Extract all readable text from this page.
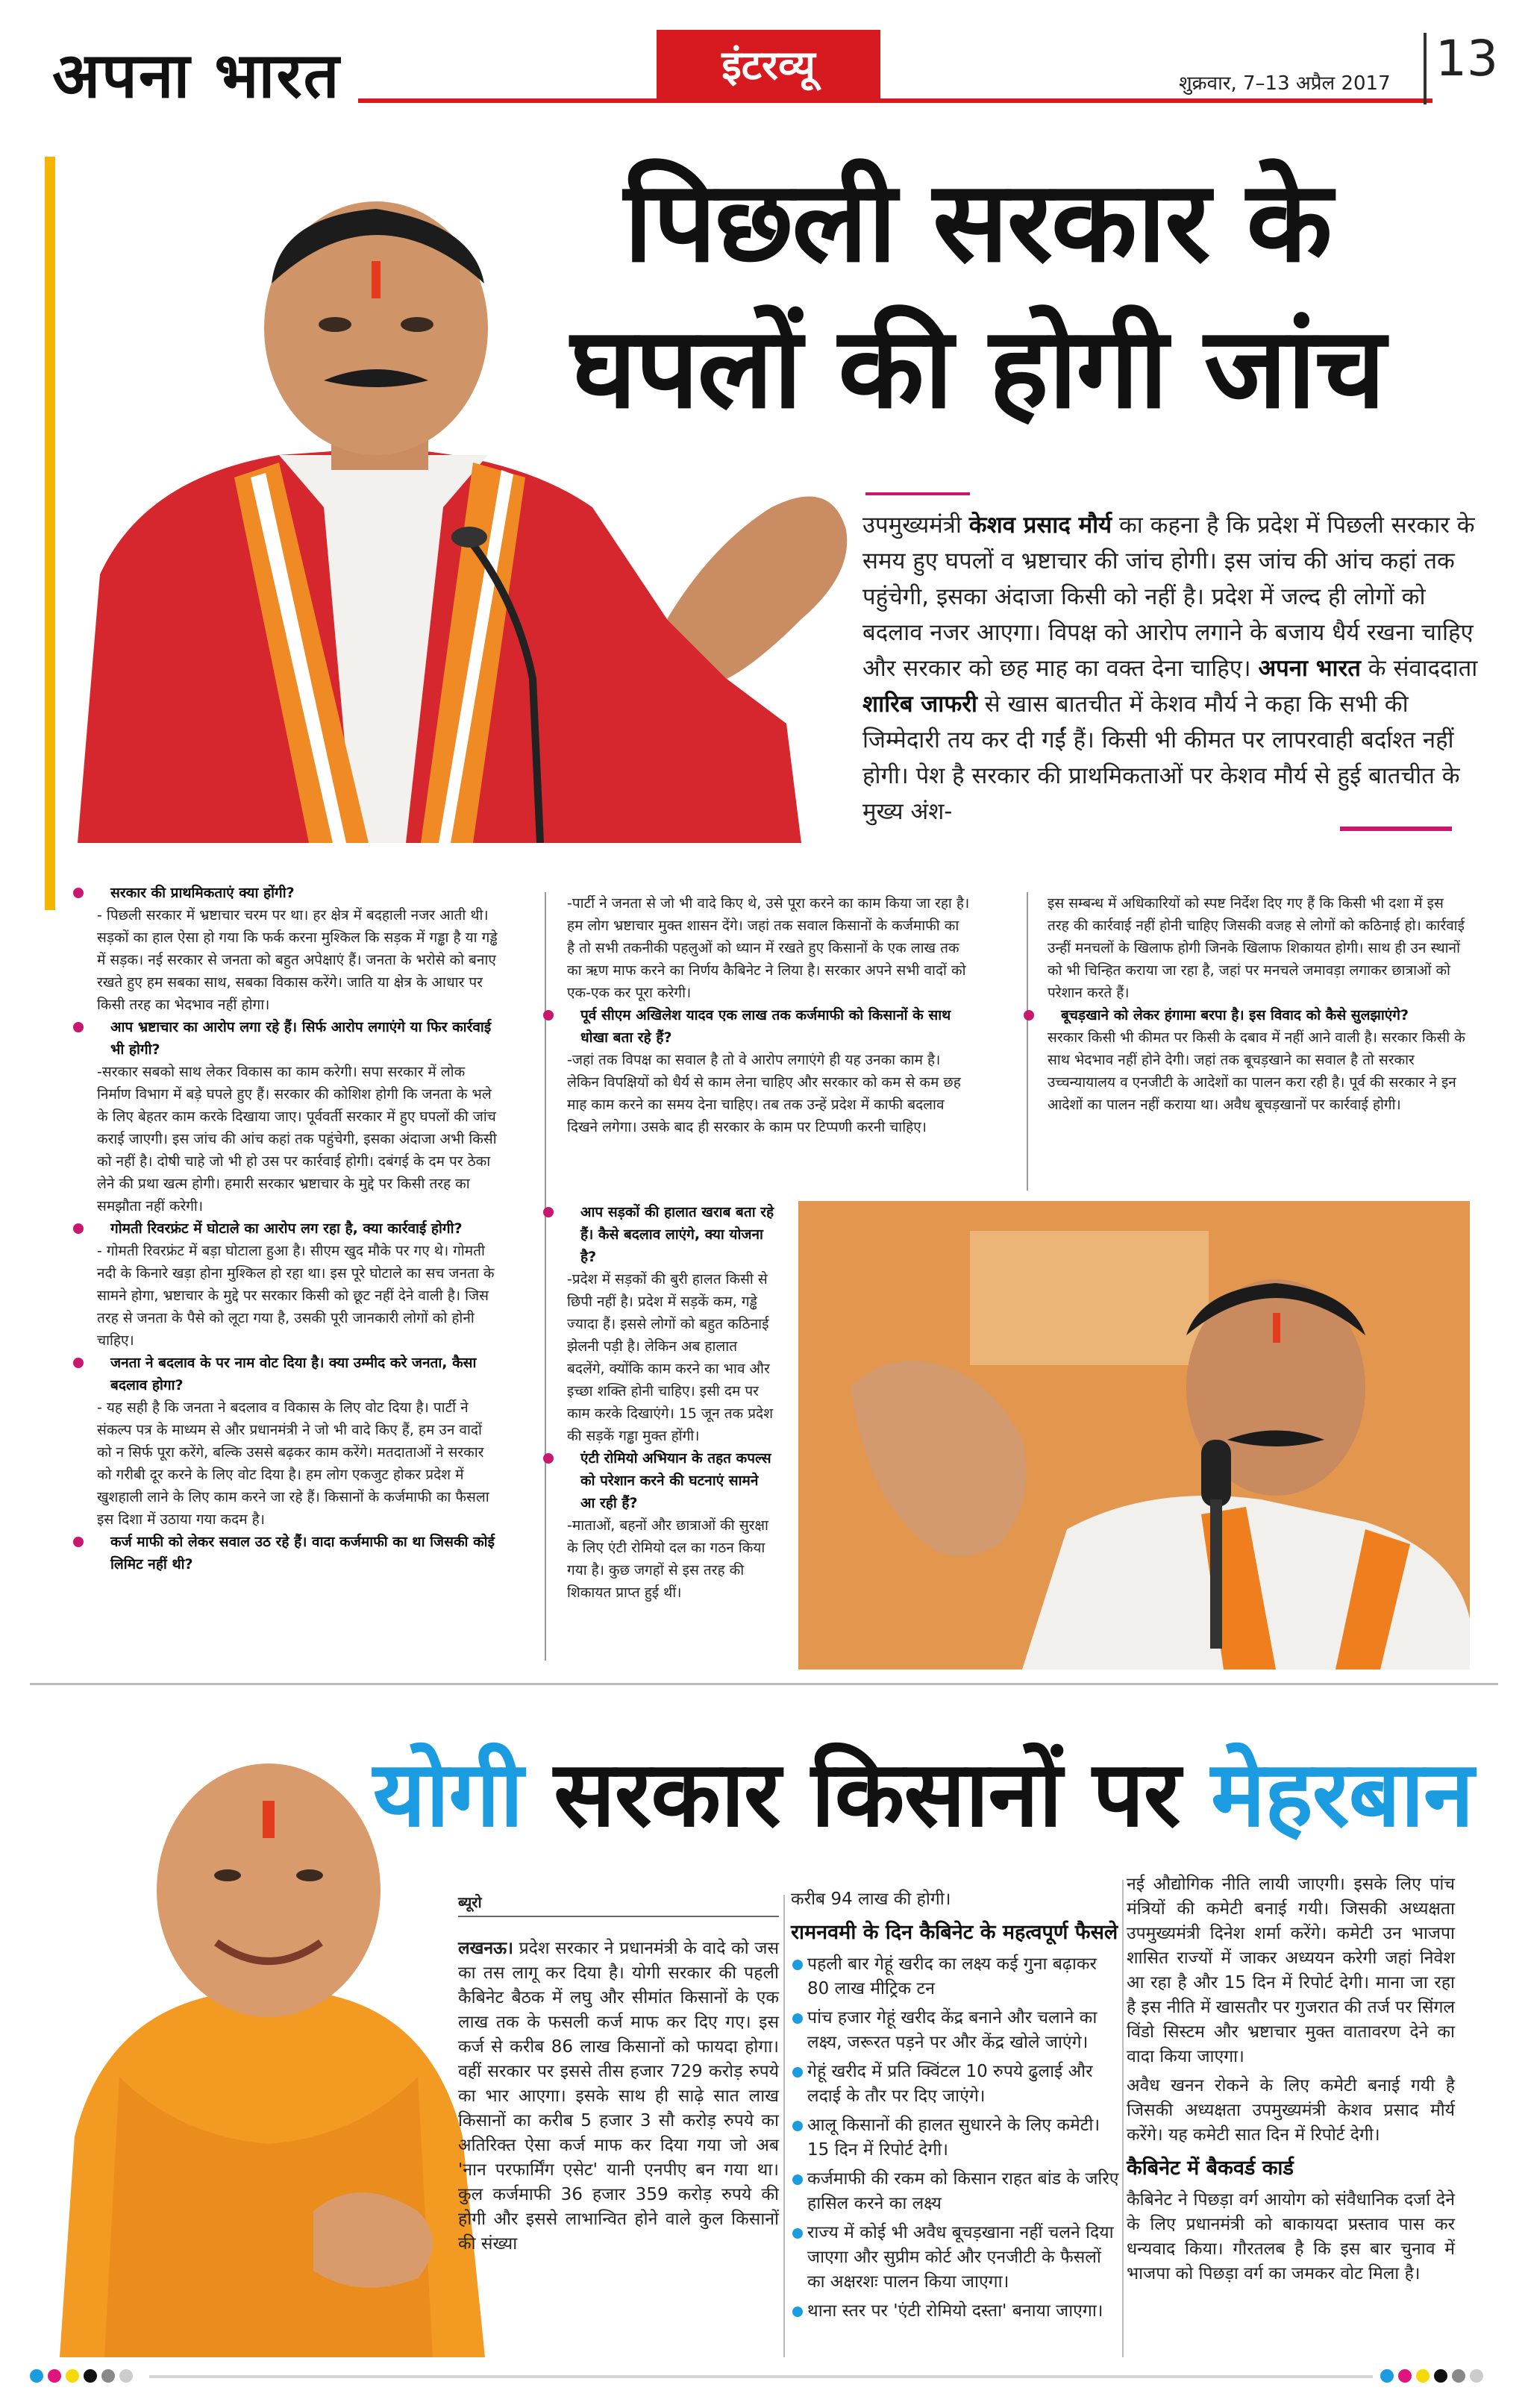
अपना भारत	इंटरव्यू	शुक्रवार, 7–13 अप्रैल 2017 13
पिछली सरकार के
घपलों की होगी जांच
उपमुख्यमंत्री केशव प्रसाद मौर्य का कहना है कि प्रदेश में पिछली सरकार के समय हुए घपलों व भ्रष्टाचार की जांच होगी। इस जांच की आंच कहां तक पहुंचेगी, इसका अंदाजा किसी को नहीं है। प्रदेश में जल्द ही लोगों को बदलाव नजर आएगा। विपक्ष को आरोप लगाने के बजाय धैर्य रखना चाहिए और सरकार को छह माह का वक्त देना चाहिए। अपना भारत के संवाददाता शारिब जाफरी से खास बातचीत में केशव मौर्य ने कहा कि सभी की जिम्मेदारी तय कर दी गईं हैं। किसी भी कीमत पर लापरवाही बर्दाश्त नहीं होगी। पेश है सरकार की प्राथमिकताओं पर केशव मौर्य से हुई बातचीत के मुख्य अंश-
सरकार की प्राथमिकताएं क्या होंगी?
- पिछली सरकार में भ्रष्टाचार चरम पर था। हर क्षेत्र में बदहाली नजर आती थी। सड़कों का हाल ऐसा हो गया कि फर्क करना मुश्किल कि सड़क में गड्ढा है या गड्ढे में सड़क। नई सरकार से जनता को बहुत अपेक्षाएं हैं। जनता के भरोसे को बनाए रखते हुए हम सबका साथ, सबका विकास करेंगे। जाति या क्षेत्र के आधार पर किसी तरह का भेदभाव नहीं होगा।
आप भ्रष्टाचार का आरोप लगा रहे हैं। सिर्फ आरोप लगाएंगे या फिर कार्रवाई भी होगी?
-सरकार सबको साथ लेकर विकास का काम करेगी। सपा सरकार में लोक निर्माण विभाग में बड़े घपले हुए हैं। सरकार की कोशिश होगी कि जनता के भले के लिए बेहतर काम करके दिखाया जाए। पूर्ववर्ती सरकार में हुए घपलों की जांच कराई जाएगी। इस जांच की आंच कहां तक पहुंचेगी, इसका अंदाजा अभी किसी को नहीं है। दोषी चाहे जो भी हो उस पर कार्रवाई होगी। दबंगई के दम पर ठेका लेने की प्रथा खत्म होगी। हमारी सरकार भ्रष्टाचार के मुद्दे पर किसी तरह का समझौता नहीं करेगी।
गोमती रिवरफ्रंट में घोटाले का आरोप लग रहा है, क्या कार्रवाई होगी?
- गोमती रिवरफ्रंट में बड़ा घोटाला हुआ है। सीएम खुद मौके पर गए थे। गोमती नदी के किनारे खड़ा होना मुश्किल हो रहा था। इस पूरे घोटाले का सच जनता के सामने होगा, भ्रष्टाचार के मुद्दे पर सरकार किसी को छूट नहीं देने वाली है। जिस तरह से जनता के पैसे को लूटा गया है, उसकी पूरी जानकारी लोगों को होनी चाहिए।
जनता ने बदलाव के पर नाम वोट दिया है। क्या उम्मीद करे जनता, कैसा बदलाव होगा?
- यह सही है कि जनता ने बदलाव व विकास के लिए वोट दिया है। पार्टी ने संकल्प पत्र के माध्यम से और प्रधानमंत्री ने जो भी वादे किए हैं, हम उन वादों को न सिर्फ पूरा करेंगे, बल्कि उससे बढ़कर काम करेंगे। मतदाताओं ने सरकार को गरीबी दूर करने के लिए वोट दिया है। हम लोग एकजुट होकर प्रदेश में खुशहाली लाने के लिए काम करने जा रहे हैं। किसानों के कर्जमाफी का फैसला इस दिशा में उठाया गया कदम है।
कर्ज माफी को लेकर सवाल उठ रहे हैं। वादा कर्जमाफी का था जिसकी कोई लिमिट नहीं थी?
-पार्टी ने जनता से जो भी वादे किए थे, उसे पूरा करने का काम किया जा रहा है। हम लोग भ्रष्टाचार मुक्त शासन देंगे। जहां तक सवाल किसानों के कर्जमाफी का है तो सभी तकनीकी पहलुओं को ध्यान में रखते हुए किसानों के एक लाख तक का ऋण माफ करने का निर्णय कैबिनेट ने लिया है। सरकार अपने सभी वादों को एक-एक कर पूरा करेगी।
पूर्व सीएम अखिलेश यादव एक लाख तक कर्जमाफी को किसानों के साथ धोखा बता रहे हैं?
-जहां तक विपक्ष का सवाल है तो वे आरोप लगाएंगे ही यह उनका काम है। लेकिन विपक्षियों को धैर्य से काम लेना चाहिए और सरकार को कम से कम छह माह काम करने का समय देना चाहिए। तब तक उन्हें प्रदेश में काफी बदलाव दिखने लगेगा। उसके बाद ही सरकार के काम पर टिप्पणी करनी चाहिए।
आप सड़कों की हालात खराब बता रहे हैं। कैसे बदलाव लाएंगे, क्या योजना है?
-प्रदेश में सड़कों की बुरी हालत किसी से छिपी नहीं है। प्रदेश में सड़कें कम, गड्ढे ज्यादा हैं। इससे लोगों को बहुत कठिनाई झेलनी पड़ी है। लेकिन अब हालात बदलेंगे, क्योंकि काम करने का भाव और इच्छा शक्ति होनी चाहिए। इसी दम पर काम करके दिखाएंगे। 15 जून तक प्रदेश की सड़कें गड्ढा मुक्त होंगी।
एंटी रोमियो अभियान के तहत कपल्स को परेशान करने की घटनाएं सामने आ रही हैं?
-माताओं, बहनों और छात्राओं की सुरक्षा के लिए एंटी रोमियो दल का गठन किया गया है। कुछ जगहों से इस तरह की शिकायत प्राप्त हुई थीं।
इस सम्बन्ध में अधिकारियों को स्पष्ट निर्देश दिए गए हैं कि किसी भी दशा में इस तरह की कार्रवाई नहीं होनी चाहिए जिसकी वजह से लोगों को कठिनाई हो। कार्रवाई उन्हीं मनचलों के खिलाफ होगी जिनके खिलाफ शिकायत होगी। साथ ही उन स्थानों को भी चिन्हित कराया जा रहा है, जहां पर मनचले जमावड़ा लगाकर छात्राओं को परेशान करते हैं।
बूचड़खाने को लेकर हंगामा बरपा है। इस विवाद को कैसे सुलझाएंगे?
सरकार किसी भी कीमत पर किसी के दबाव में नहीं आने वाली है। सरकार किसी के साथ भेदभाव नहीं होने देगी। जहां तक बूचड़खाने का सवाल है तो सरकार उच्चन्यायालय व एनजीटी के आदेशों का पालन करा रही है। पूर्व की सरकार ने इन आदेशों का पालन नहीं कराया था। अवैध बूचड़खानों पर कार्रवाई होगी।
योगी सरकार किसानों पर मेहरबान
ब्यूरो
लखनऊ। प्रदेश सरकार ने प्रधानमंत्री के वादे को जस का तस लागू कर दिया है। योगी सरकार की पहली कैबिनेट बैठक में लघु और सीमांत किसानों के एक लाख तक के फसली कर्ज माफ कर दिए गए। इस कर्ज से करीब 86 लाख किसानों को फायदा होगा। वहीं सरकार पर इससे तीस हजार 729 करोड़ रुपये का भार आएगा। इसके साथ ही साढ़े सात लाख किसानों का करीब 5 हजार 3 सौ करोड़ रुपये का अतिरिक्त ऐसा कर्ज माफ कर दिया गया जो अब 'नान परफार्मिंग एसेट' यानी एनपीए बन गया था। कुल कर्जमाफी 36 हजार 359 करोड़ रुपये की होगी और इससे लाभान्वित होने वाले कुल किसानों की संख्या

करीब 94 लाख की होगी।

रामनवमी के दिन कैबिनेट के महत्वपूर्ण फैसले
पहली बार गेहूं खरीद का लक्ष्य कई गुना बढ़ाकर 80 लाख मीट्रिक टन
पांच हजार गेहूं खरीद केंद्र बनाने और चलाने का लक्ष्य, जरूरत पड़ने पर और केंद्र खोले जाएंगे।
गेहूं खरीद में प्रति क्विंटल 10 रुपये ढुलाई और लदाई के तौर पर दिए जाएंगे।
आलू किसानों की हालत सुधारने के लिए कमेटी। 15 दिन में रिपोर्ट देगी।
कर्जमाफी की रकम को किसान राहत बांड के जरिए हासिल करने का लक्ष्य
राज्य में कोई भी अवैध बूचड़खाना नहीं चलने दिया जाएगा और सुप्रीम कोर्ट और एनजीटी के फैसलों का अक्षरशः पालन किया जाएगा।
थाना स्तर पर 'एंटी रोमियो दस्ता' बनाया जाएगा।

नई औद्योगिक नीति लायी जाएगी। इसके लिए पांच मंत्रियों की कमेटी बनाई गयी। जिसकी अध्यक्षता उपमुख्यमंत्री दिनेश शर्मा करेंगे। कमेटी उन भाजपा शासित राज्यों में जाकर अध्ययन करेगी जहां निवेश आ रहा है और 15 दिन में रिपोर्ट देगी। माना जा रहा है इस नीति में खासतौर पर गुजरात की तर्ज पर सिंगल विंडो सिस्टम और भ्रष्टाचार मुक्त वातावरण देने का वादा किया जाएगा।

अवैध खनन रोकने के लिए कमेटी बनाई गयी है जिसकी अध्यक्षता उपमुख्यमंत्री केशव प्रसाद मौर्य करेंगे। यह कमेटी सात दिन में रिपोर्ट देगी।

कैबिनेट में बैकवर्ड कार्ड

कैबिनेट ने पिछड़ा वर्ग आयोग को संवैधानिक दर्जा देने के लिए प्रधानमंत्री को बाकायदा प्रस्ताव पास कर धन्यवाद किया। गौरतलब है कि इस बार चुनाव में भाजपा को पिछड़ा वर्ग का जमकर वोट मिला है।
